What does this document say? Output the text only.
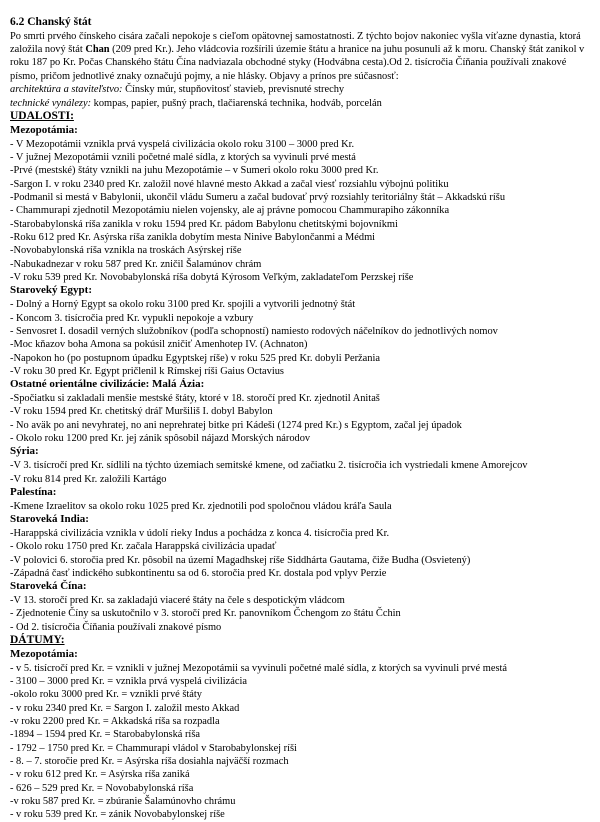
6.2 Chanský štát

Po smrti prvého čínskeho cisára začali nepokoje s cieľom opätovnej samostatnosti. Z týchto bojov nakoniec vyšla víťazne dynastia, ktorá založila nový štát Chan (209 pred Kr.). Jeho vládcovia rozšírili územie štátu a hranice na juhu posunuli až k moru. Chanský štát zanikol v roku 187 po Kr. Počas Chanského štátu Čína nadviazala obchodné styky (Hodvábna cesta).Od 2. tisícročia Číňania používali znakové písmo, pričom jednotlivé znaky označujú pojmy, a nie hlásky. Objavy a prínos pre súčasnosť:

architektúra a staviteľstvo: Čínsky múr, stupňovitosť stavieb, previsnuté strechy

technické vynálezy: kompas, papier, pušný prach, tlačiarenská technika, hodváb, porcelán

UDALOSTI:

Mezopotámia:

- V Mezopotámii vznikla prvá vyspelá civilizácia okolo roku 3100 – 3000 pred Kr.

- V južnej Mezopotámii vznili početné malé sídla, z ktorých sa vyvinuli prvé mestá

-Prvé (mestské) štáty vznikli na juhu Mezopotámie – v Sumeri okolo roku 3000 pred Kr.

-Sargon I. v roku 2340 pred Kr. založil nové hlavné mesto Akkad a začal viesť rozsiahlu výbojnú politiku

-Podmanil si mestá v Babylonii, ukončil vládu Sumeru a začal budovať prvý rozsiahly teritoriálny štát – Akkadskú ríšu

- Chammurapi zjednotil Mezopotámiu nielen vojensky, ale aj právne pomocou Chammurapiho zákonníka

-Starobabylonská ríša zanikla v roku 1594 pred Kr. pádom Babylonu chetitskými bojovníkmi

-Roku 612 pred Kr. Asýrska ríša zanikla dobytím mesta Ninive Babylončanmi a Médmi

-Novobabylonská ríša vznikla na troskách Asýrskej ríše

-Nabukadnezar v roku 587 pred Kr. zničil Šalamúnov chrám

-V roku 539 pred Kr. Novobabylonská ríša dobytá Kýrosom Veľkým, zakladateľom Perzskej ríše

Staroveký Egypt:

- Dolný a Horný Egypt sa okolo roku 3100 pred Kr. spojili a vytvorili jednotný štát

- Koncom 3. tisícročia pred Kr. vypukli nepokoje a vzbury

- Senvosret I. dosadil verných služobníkov (podľa schopností) namiesto rodových náčelníkov do jednotlivých nomov

-Moc kňazov boha Amona sa pokúsil zničiť Amenhotep IV. (Achnaton)

-Napokon ho (po postupnom úpadku Egyptskej ríše) v roku 525 pred Kr. dobyli Peržania

-V roku 30 pred Kr. Egypt pričlenil k Rímskej ríši Gaius Octavius

Ostatné orientálne civilizácie: Malá Ázia:

-Spočiatku si zakladali menšie mestské štáty, ktoré v 18. storočí pred Kr. zjednotil Anitaš

-V roku 1594 pred Kr. chetitský dráľ Muršiliš I. dobyl Babylon

- No aväk po ani nevyhratej, no ani neprehratej bitke pri Kádeši (1274 pred Kr.) s Egyptom, začal jej úpadok

- Okolo roku 1200 pred Kr. jej zánik spôsobil nájazd Morských národov

Sýria:

-V 3. tisícročí pred Kr. sídlili na týchto územiach semitské kmene, od začiatku 2. tisícročia ich vystriedali kmene Amorejcov

-V roku 814 pred Kr. založili Kartágo

Palestína:

-Kmene Izraelitov sa okolo roku 1025 pred Kr. zjednotili pod spoločnou vládou kráľa Saula

Staroveká India:

-Harappská civilizácia vznikla v údolí rieky Indus a pochádza z konca 4. tisícročia pred Kr.

- Okolo roku 1750 pred Kr. začala Harappská civilizácia upadať

-V polovici 6. storočia pred Kr. pôsobil na území Magadhskej ríše Siddhárta Gautama, čiže Budha (Osvietený)

-Západná časť indického subkontinentu sa od 6. storočia pred Kr. dostala pod vplyv Perzie

Staroveká Čína:

-V 13. storočí pred Kr. sa zakladajú viaceré štáty na čele s despotickým vládcom

- Zjednotenie Číny sa uskutočnilo v 3. storočí pred Kr. panovníkom Čchengom zo štátu Čchin

- Od 2. tisícročia Číňania používali znakové písmo

DÁTUMY:

Mezopotámia:

- v 5. tisícročí pred Kr. = vznikli v južnej Mezopotámii sa vyvinuli početné malé sídla, z ktorých sa vyvinuli prvé mestá

- 3100 – 3000 pred Kr. = vznikla prvá vyspelá civilizácia

-okolo roku 3000 pred Kr. = vznikli prvé štáty

- v roku 2340 pred Kr. = Sargon I. založil mesto Akkad

-v roku 2200 pred Kr. = Akkadská ríša sa rozpadla

-1894 – 1594 pred Kr. = Starobabylonská ríša

- 1792 – 1750 pred Kr. = Chammurapi vládol v Starobabylonskej ríši

- 8. – 7. storočie pred Kr. = Asýrska ríša dosiahla najväčší rozmach

- v roku 612 pred Kr. = Asýrska ríša zaniká

- 626 – 529 pred Kr. = Novobabylonská ríša

-v roku 587 pred Kr. = zbúranie Šalamúnovho chrámu

- v roku 539 pred Kr. = zánik Novobabylonskej ríše
